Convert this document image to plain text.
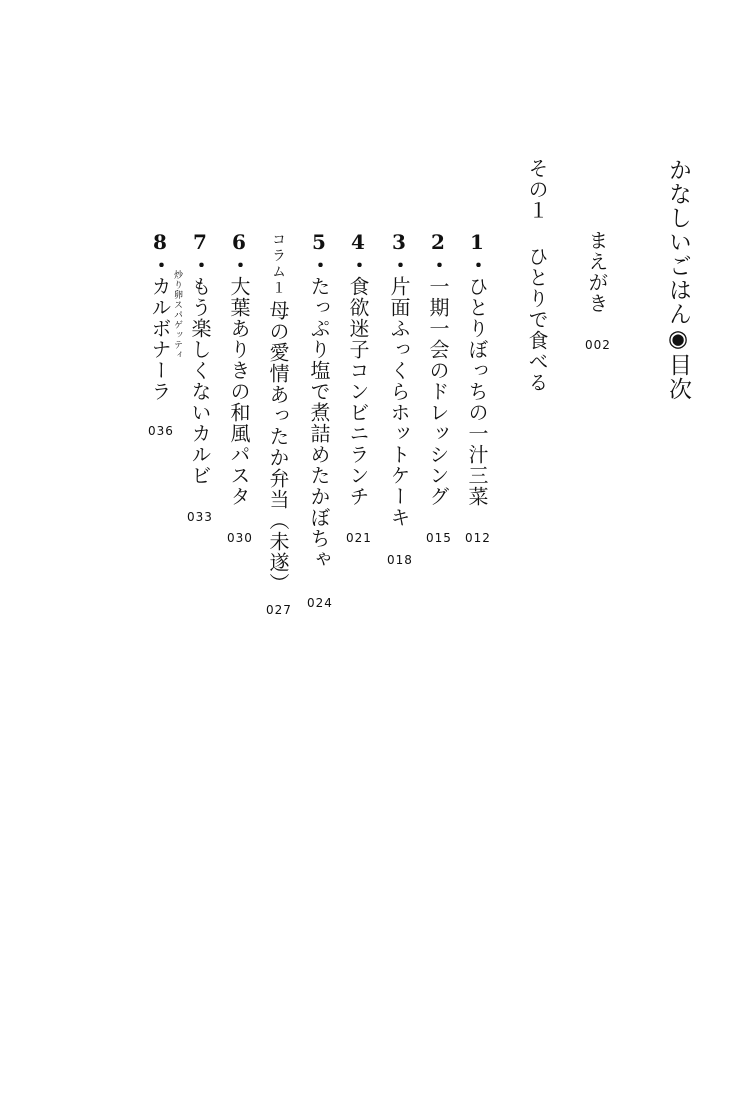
かなしいごはん◉目次
まえがき
002
その１ ひとりで食べる
1・ひとりぼっちの一汁三菜
012
2・一期一会のドレッシング
015
3・片面ふっくらホットケーキ
018
4・食欲迷子コンビニランチ
021
5・たっぷり塩で煮詰めたかぼちゃ
024
コラム１母の愛情あったか弁当（未遂）
027
6・大葉ありきの和風パスタ
030
7・もう楽しくないカルビ
033
8・カルボナーラ 炒り卵スパゲッティ
036
